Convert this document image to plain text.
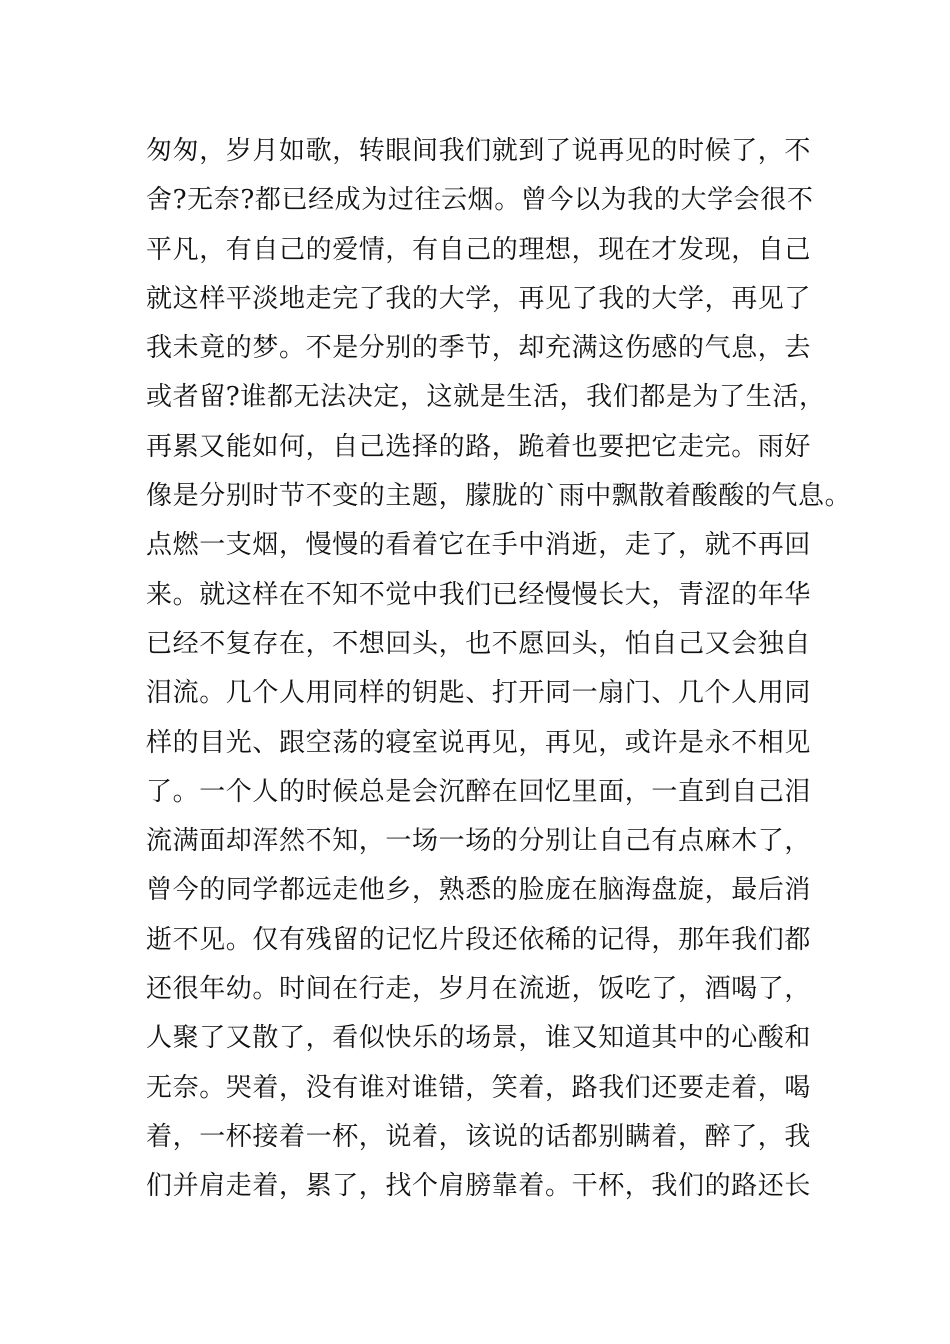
匆匆，岁月如歌，转眼间我们就到了说再见的时候了，不
舍?无奈?都已经成为过往云烟。曾今以为我的大学会很不
平凡，有自己的爱情，有自己的理想，现在才发现，自己
就这样平淡地走完了我的大学，再见了我的大学，再见了
我未竟的梦。不是分别的季节，却充满这伤感的气息，去
或者留?谁都无法决定，这就是生活，我们都是为了生活，
再累又能如何，自己选择的路，跪着也要把它走完。雨好
像是分别时节不变的主题，朦胧的`雨中飘散着酸酸的气息。
点燃一支烟，慢慢的看着它在手中消逝，走了，就不再回
来。就这样在不知不觉中我们已经慢慢长大，青涩的年华
已经不复存在，不想回头，也不愿回头，怕自己又会独自
泪流。几个人用同样的钥匙、打开同一扇门、几个人用同
样的目光、跟空荡的寝室说再见，再见，或许是永不相见
了。一个人的时候总是会沉醉在回忆里面，一直到自己泪
流满面却浑然不知，一场一场的分别让自己有点麻木了，
曾今的同学都远走他乡，熟悉的脸庞在脑海盘旋，最后消
逝不见。仅有残留的记忆片段还依稀的记得，那年我们都
还很年幼。时间在行走，岁月在流逝，饭吃了，酒喝了，
人聚了又散了，看似快乐的场景，谁又知道其中的心酸和
无奈。哭着，没有谁对谁错，笑着，路我们还要走着，喝
着，一杯接着一杯，说着，该说的话都别瞒着，醉了，我
们并肩走着，累了，找个肩膀靠着。干杯，我们的路还长
